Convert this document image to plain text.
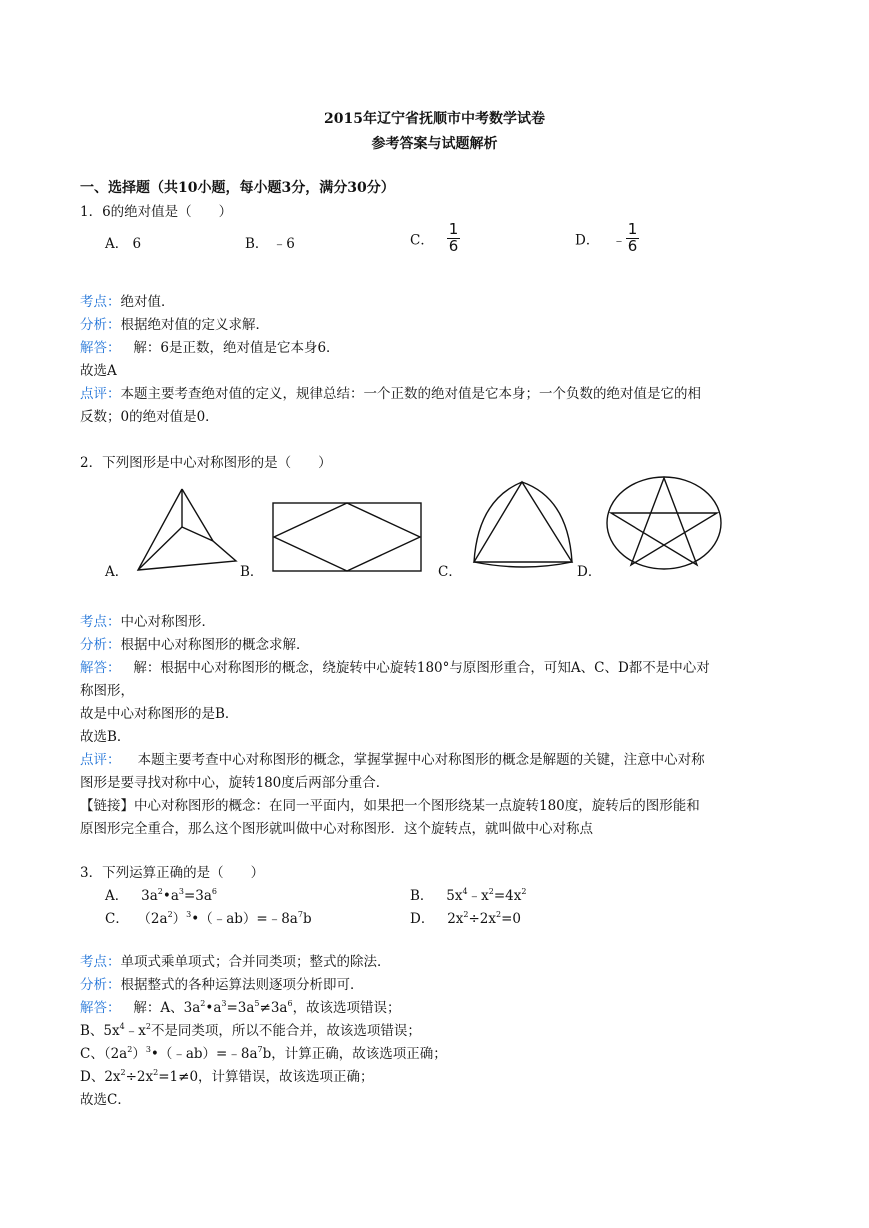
2015年辽宁省抚顺市中考数学试卷
参考答案与试题解析
一、选择题（共10小题，每小题3分，满分30分）
1．6的绝对值是（　　）
A． 6	B． ﹣6	C． $\frac{1}{6}$	D． ﹣ $\frac{1}{6}$
考点：绝对值．
分析：根据绝对值的定义求解．
解答： 解：6是正数，绝对值是它本身6．
故选A
点评：本题主要考查绝对值的定义，规律总结：一个正数的绝对值是它本身；一个负数的绝对值是它的相
反数；0的绝对值是0．
2．下列图形是中心对称图形的是（　　）
A．	B．	C．	D．
考点：中心对称图形．
分析：根据中心对称图形的概念求解．
解答： 解：根据中心对称图形的概念，绕旋转中心旋转180°与原图形重合，可知A、C、D都不是中心对
称图形，
故是中心对称图形的是B．
故选B．
点评： 本题主要考查中心对称图形的概念，掌握掌握中心对称图形的概念是解题的关键，注意中心对称
图形是要寻找对称中心，旋转180度后两部分重合．
【链接】中心对称图形的概念：在同一平面内，如果把一个图形绕某一点旋转180度，旋转后的图形能和
原图形完全重合，那么这个图形就叫做中心对称图形．这个旋转点，就叫做中心对称点
3．下列运算正确的是（　　）
A．   $3a^2•a^3=3a^6$	B．   $5x^4﹣x^2=4x^2$
C．  $(2a^2)^3•(﹣ab)=﹣8a^7b$	D．   $2x^2\div 2x^2=0$
考点：单项式乘单项式；合并同类项；整式的除法．
分析：根据整式的各种运算法则逐项分析即可．
解答：   解：A、$3a^2•a^3=3a^5\ne 3a^6$，故该选项错误；
B、$5x^4﹣x^2$不是同类项，所以不能合并，故该选项错误；
C、$(2a^2)^3•(﹣ab)=﹣8a^7b$，计算正确，故该选项正确；
D、$2x^2\div 2x^2=1\ne 0$，计算错误，故该选项正确；
故选C．
